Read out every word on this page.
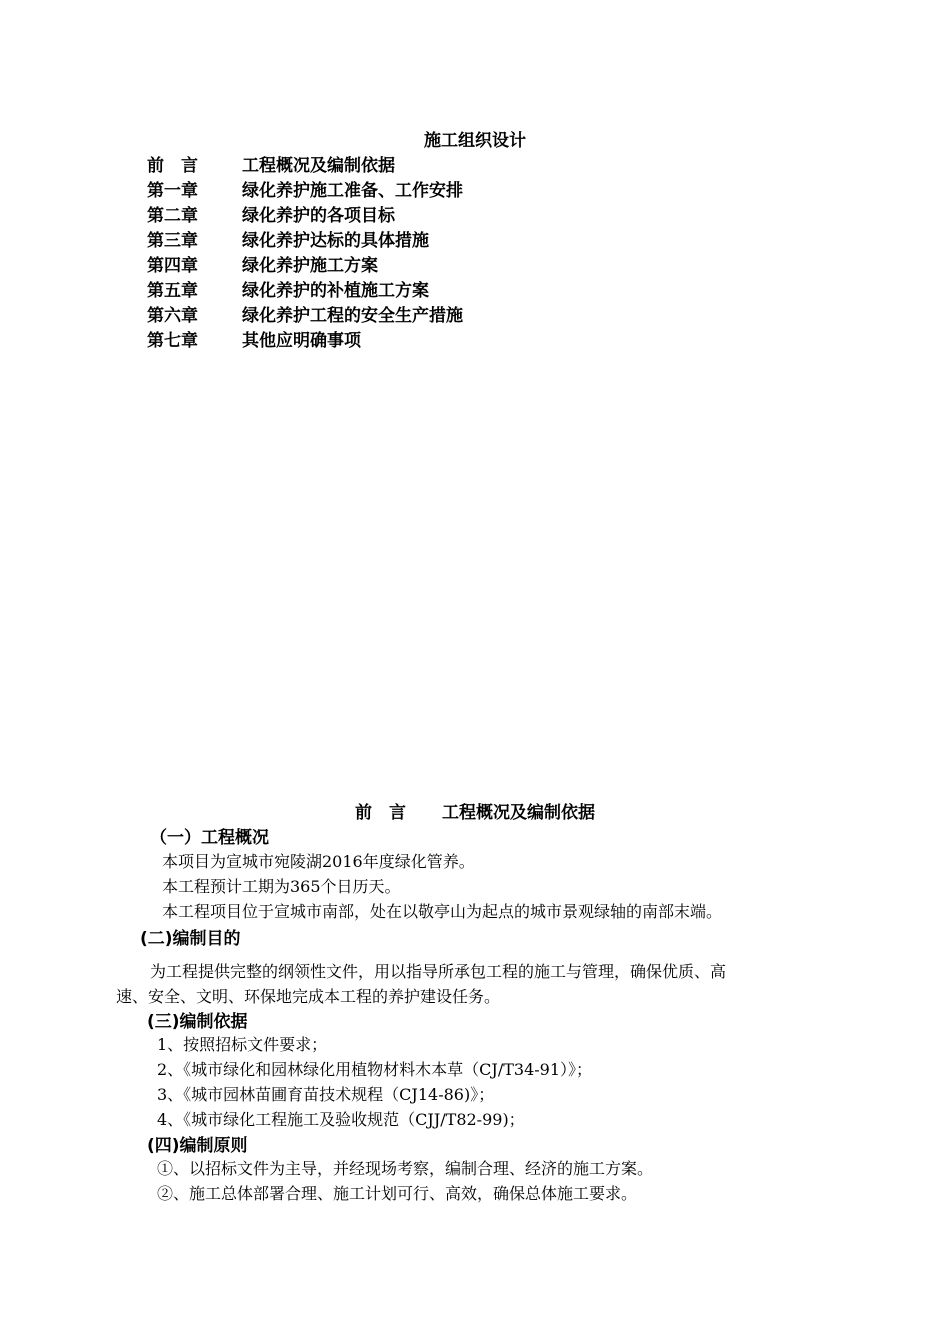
施工组织设计
前　言	工程概况及编制依据
第一章	绿化养护施工准备、工作安排
第二章	绿化养护的各项目标
第三章	绿化养护达标的具体措施
第四章	绿化养护施工方案
第五章	绿化养护的补植施工方案
第六章	绿化养护工程的安全生产措施
第七章	其他应明确事项
前　言 工程概况及编制依据
（一）工程概况
本项目为宣城市宛陵湖2016年度绿化管养。
本工程预计工期为365个日历天。
本工程项目位于宣城市南部，处在以敬亭山为起点的城市景观绿轴的南部末端。
(二)编制目的
为工程提供完整的纲领性文件，用以指导所承包工程的施工与管理，确保优质、高
速、安全、文明、环保地完成本工程的养护建设任务。
(三)编制依据
1、按照招标文件要求；
2、《城市绿化和园林绿化用植物材料木本草（CJ/T34-91）》；
3、《城市园林苗圃育苗技术规程（CJ14-86)》；
4、《城市绿化工程施工及验收规范（CJJ/T82-99)；
(四)编制原则
①、以招标文件为主导，并经现场考察，编制合理、经济的施工方案。
②、施工总体部署合理、施工计划可行、高效，确保总体施工要求。
